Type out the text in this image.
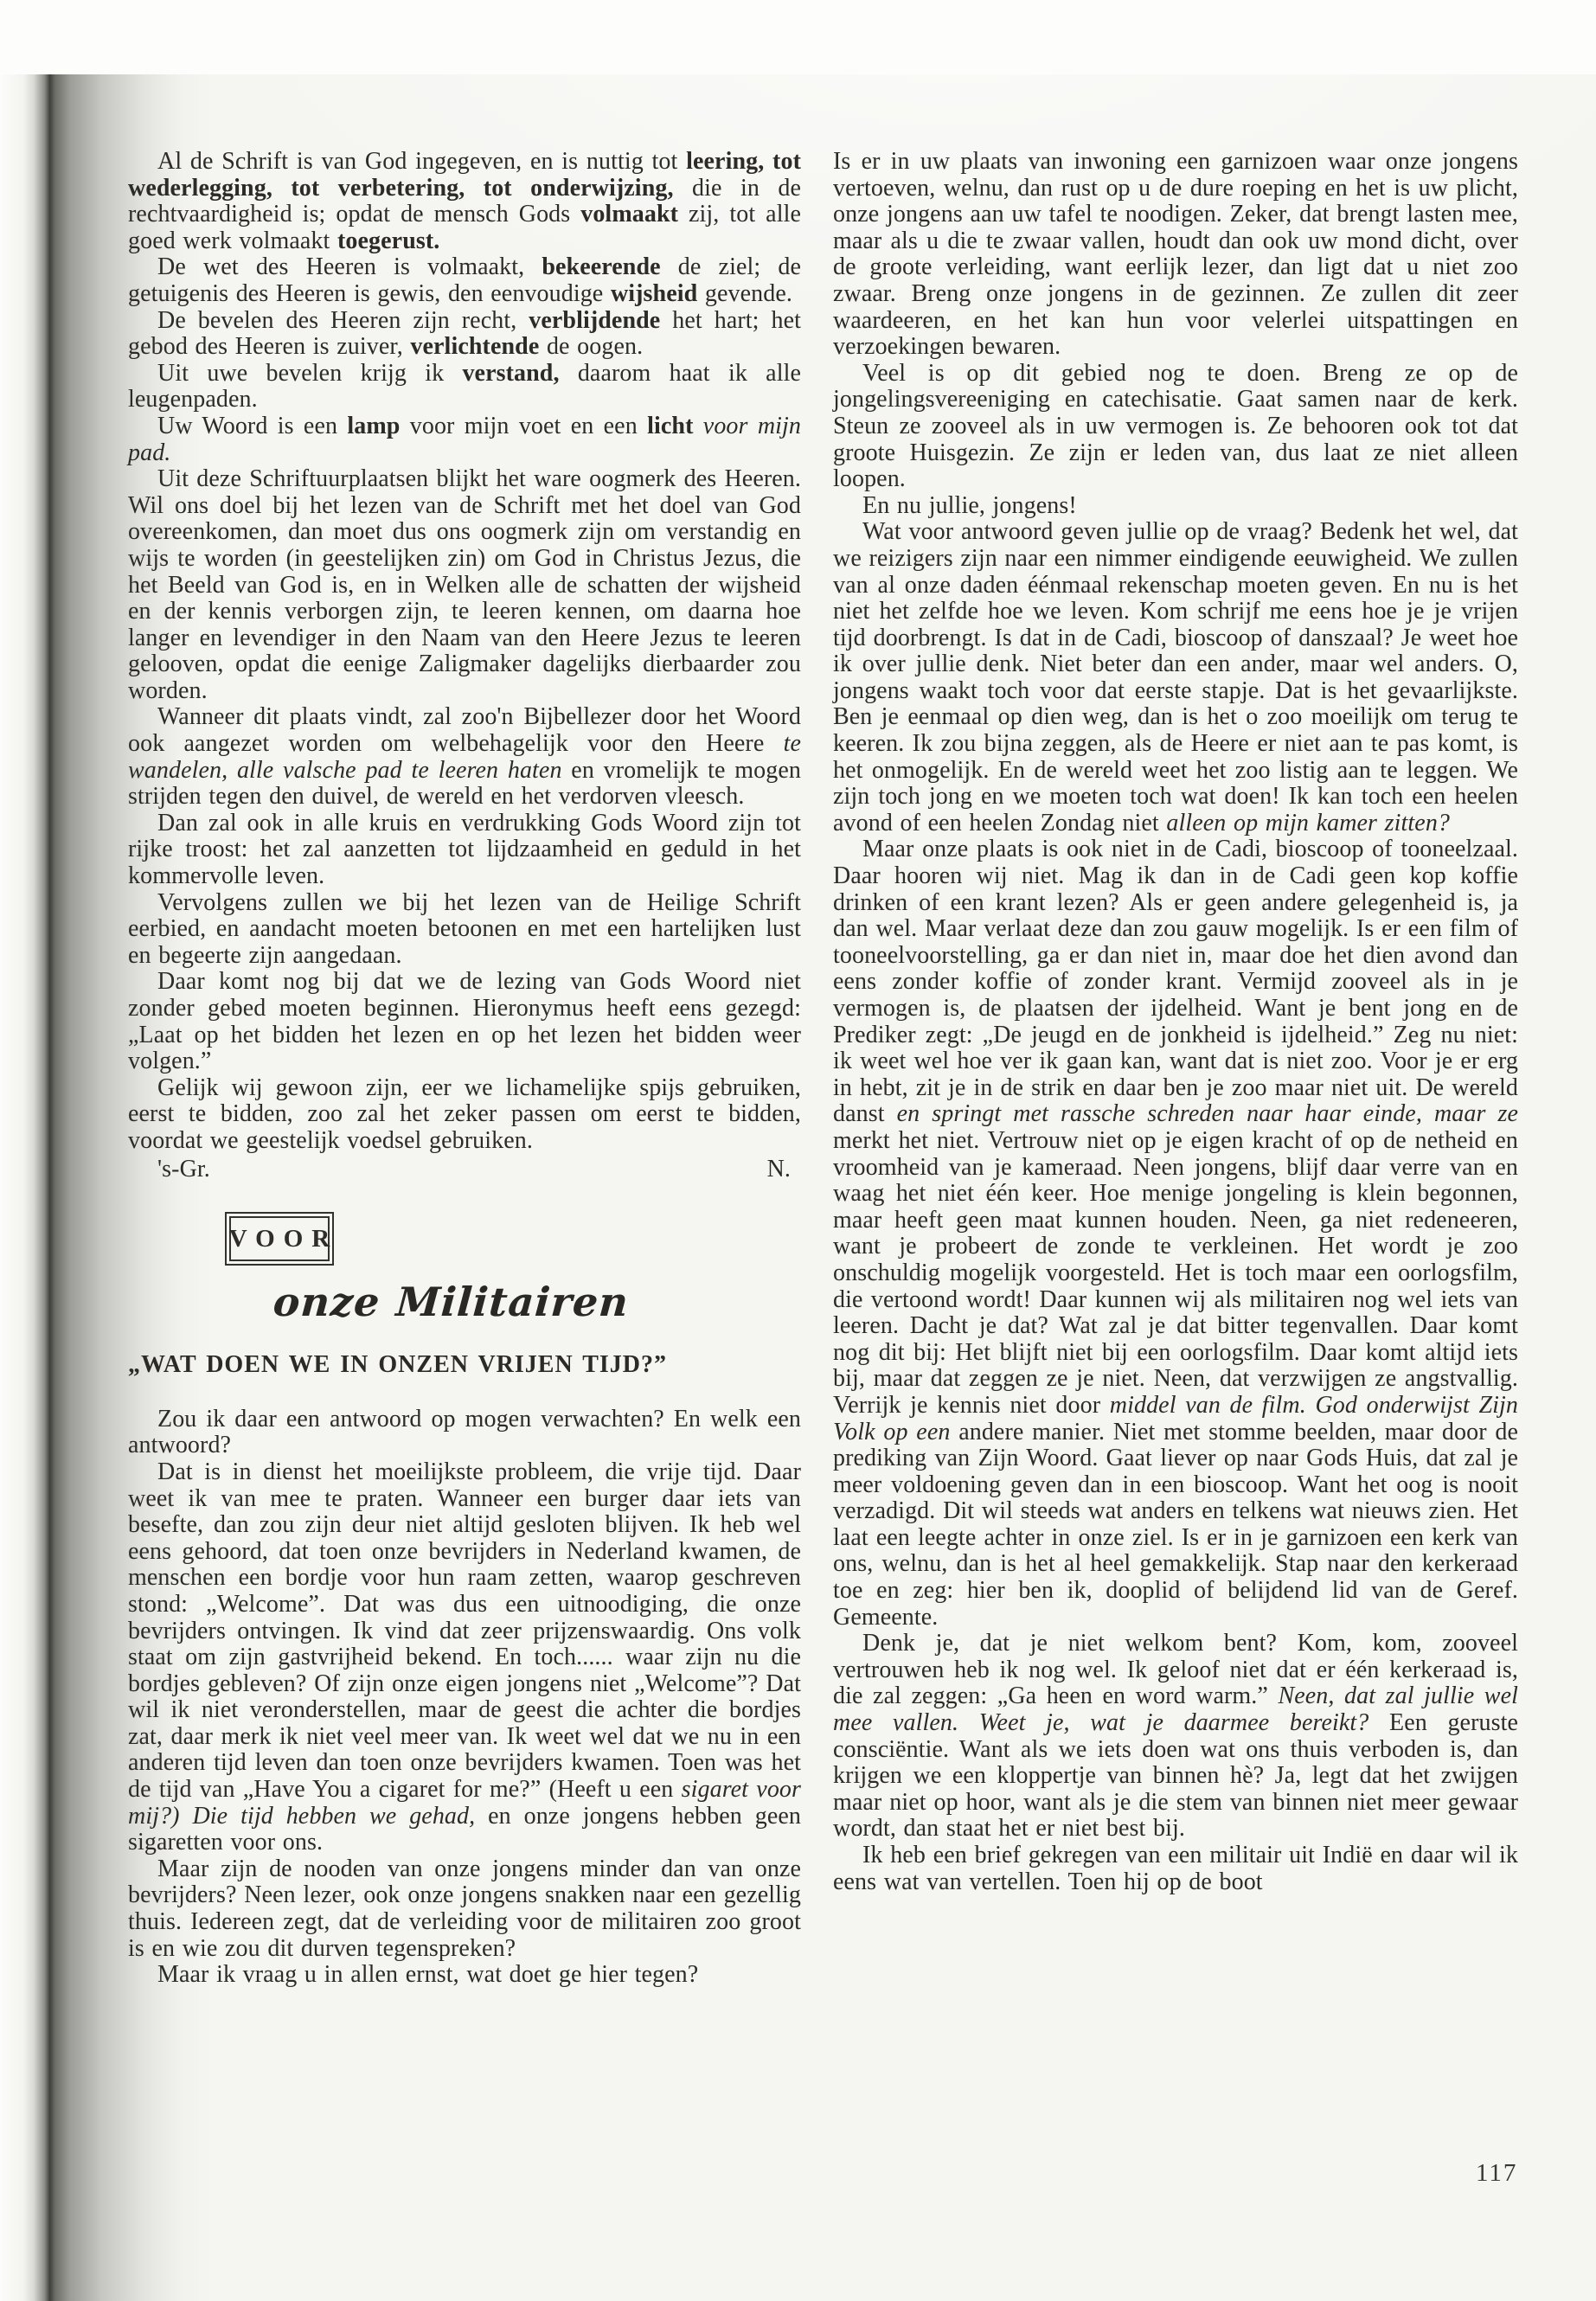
Al de Schrift is van God ingegeven, en is nuttig tot leering, tot wederlegging, tot verbetering, tot onderwijzing, die in de rechtvaardigheid is; opdat de mensch Gods volmaakt zij, tot alle goed werk volmaakt toegerust.

De wet des Heeren is volmaakt, bekeerende de ziel; de getuigenis des Heeren is gewis, den eenvoudige wijsheid gevende.

De bevelen des Heeren zijn recht, verblijdende het hart; het gebod des Heeren is zuiver, verlichtende de oogen.

Uit uwe bevelen krijg ik verstand, daarom haat ik alle leugenpaden.

Uw Woord is een lamp voor mijn voet en een licht voor mijn pad.

Uit deze Schriftuurplaatsen blijkt het ware oogmerk des Heeren. Wil ons doel bij het lezen van de Schrift met het doel van God overeenkomen, dan moet dus ons oogmerk zijn om verstandig en wijs te worden (in geestelijken zin) om God in Christus Jezus, die het Beeld van God is, en in Welken alle de schatten der wijsheid en der kennis verborgen zijn, te leeren kennen, om daarna hoe langer en levendiger in den Naam van den Heere Jezus te leeren gelooven, opdat die eenige Zaligmaker dagelijks dierbaarder zou worden.

Wanneer dit plaats vindt, zal zoo'n Bijbellezer door het Woord ook aangezet worden om welbehagelijk voor den Heere te wandelen, alle valsche pad te leeren haten en vromelijk te mogen strijden tegen den duivel, de wereld en het verdorven vleesch.

Dan zal ook in alle kruis en verdrukking Gods Woord zijn tot rijke troost: het zal aanzetten tot lijdzaamheid en geduld in het kommervolle leven.

Vervolgens zullen we bij het lezen van de Heilige Schrift eerbied, en aandacht moeten betoonen en met een hartelijken lust en begeerte zijn aangedaan.

Daar komt nog bij dat we de lezing van Gods Woord niet zonder gebed moeten beginnen. Hieronymus heeft eens gezegd: „Laat op het bidden het lezen en op het lezen het bidden weer volgen.”

Gelijk wij gewoon zijn, eer we lichamelijke spijs gebruiken, eerst te bidden, zoo zal het zeker passen om eerst te bidden, voordat we geestelijk voedsel gebruiken.

's-Gr.	N.
VOOR
onze Militairen
„WAT DOEN WE IN ONZEN VRIJEN TIJD?”

Zou ik daar een antwoord op mogen verwachten? En welk een antwoord?

Dat is in dienst het moeilijkste probleem, die vrije tijd. Daar weet ik van mee te praten. Wanneer een burger daar iets van besefte, dan zou zijn deur niet altijd gesloten blijven. Ik heb wel eens gehoord, dat toen onze bevrijders in Nederland kwamen, de menschen een bordje voor hun raam zetten, waarop geschreven stond: „Welcome”. Dat was dus een uitnoodiging, die onze bevrijders ontvingen. Ik vind dat zeer prijzenswaardig. Ons volk staat om zijn gastvrijheid bekend. En toch...... waar zijn nu die bordjes gebleven? Of zijn onze eigen jongens niet „Welcome”? Dat wil ik niet veronderstellen, maar de geest die achter die bordjes zat, daar merk ik niet veel meer van. Ik weet wel dat we nu in een anderen tijd leven dan toen onze bevrijders kwamen. Toen was het de tijd van „Have You a cigaret for me?” (Heeft u een sigaret voor mij?) Die tijd hebben we gehad, en onze jongens hebben geen sigaretten voor ons.

Maar zijn de nooden van onze jongens minder dan van onze bevrijders? Neen lezer, ook onze jongens snakken naar een gezellig thuis. Iedereen zegt, dat de verleiding voor de militairen zoo groot is en wie zou dit durven tegenspreken?

Maar ik vraag u in allen ernst, wat doet ge hier tegen?

Is er in uw plaats van inwoning een garnizoen waar onze jongens vertoeven, welnu, dan rust op u de dure roeping en het is uw plicht, onze jongens aan uw tafel te noodigen. Zeker, dat brengt lasten mee, maar als u die te zwaar vallen, houdt dan ook uw mond dicht, over de groote verleiding, want eerlijk lezer, dan ligt dat u niet zoo zwaar. Breng onze jongens in de gezinnen. Ze zullen dit zeer waardeeren, en het kan hun voor velerlei uitspattingen en verzoekingen bewaren.

Veel is op dit gebied nog te doen. Breng ze op de jongelingsvereeniging en catechisatie. Gaat samen naar de kerk. Steun ze zooveel als in uw vermogen is. Ze behooren ook tot dat groote Huisgezin. Ze zijn er leden van, dus laat ze niet alleen loopen.

En nu jullie, jongens!

Wat voor antwoord geven jullie op de vraag? Bedenk het wel, dat we reizigers zijn naar een nimmer eindigende eeuwigheid. We zullen van al onze daden éénmaal rekenschap moeten geven. En nu is het niet het zelfde hoe we leven. Kom schrijf me eens hoe je je vrijen tijd doorbrengt. Is dat in de Cadi, bioscoop of danszaal? Je weet hoe ik over jullie denk. Niet beter dan een ander, maar wel anders. O, jongens waakt toch voor dat eerste stapje. Dat is het gevaarlijkste. Ben je eenmaal op dien weg, dan is het o zoo moeilijk om terug te keeren. Ik zou bijna zeggen, als de Heere er niet aan te pas komt, is het onmogelijk. En de wereld weet het zoo listig aan te leggen. We zijn toch jong en we moeten toch wat doen! Ik kan toch een heelen avond of een heelen Zondag niet alleen op mijn kamer zitten?

Maar onze plaats is ook niet in de Cadi, bioscoop of tooneelzaal. Daar hooren wij niet. Mag ik dan in de Cadi geen kop koffie drinken of een krant lezen? Als er geen andere gelegenheid is, ja dan wel. Maar verlaat deze dan zou gauw mogelijk. Is er een film of tooneelvoorstelling, ga er dan niet in, maar doe het dien avond dan eens zonder koffie of zonder krant. Vermijd zooveel als in je vermogen is, de plaatsen der ijdelheid. Want je bent jong en de Prediker zegt: „De jeugd en de jonkheid is ijdelheid.” Zeg nu niet: ik weet wel hoe ver ik gaan kan, want dat is niet zoo. Voor je er erg in hebt, zit je in de strik en daar ben je zoo maar niet uit. De wereld danst en springt met rassche schreden naar haar einde, maar ze merkt het niet. Vertrouw niet op je eigen kracht of op de netheid en vroomheid van je kameraad. Neen jongens, blijf daar verre van en waag het niet één keer. Hoe menige jongeling is klein begonnen, maar heeft geen maat kunnen houden. Neen, ga niet redeneeren, want je probeert de zonde te verkleinen. Het wordt je zoo onschuldig mogelijk voorgesteld. Het is toch maar een oorlogsfilm, die vertoond wordt! Daar kunnen wij als militairen nog wel iets van leeren. Dacht je dat? Wat zal je dat bitter tegenvallen. Daar komt nog dit bij: Het blijft niet bij een oorlogsfilm. Daar komt altijd iets bij, maar dat zeggen ze je niet. Neen, dat verzwijgen ze angstvallig. Verrijk je kennis niet door middel van de film. God onderwijst Zijn Volk op een andere manier. Niet met stomme beelden, maar door de prediking van Zijn Woord. Gaat liever op naar Gods Huis, dat zal je meer voldoening geven dan in een bioscoop. Want het oog is nooit verzadigd. Dit wil steeds wat anders en telkens wat nieuws zien. Het laat een leegte achter in onze ziel. Is er in je garnizoen een kerk van ons, welnu, dan is het al heel gemakkelijk. Stap naar den kerkeraad toe en zeg: hier ben ik, dooplid of belijdend lid van de Geref. Gemeente.

Denk je, dat je niet welkom bent? Kom, kom, zooveel vertrouwen heb ik nog wel. Ik geloof niet dat er één kerkeraad is, die zal zeggen: „Ga heen en word warm.” Neen, dat zal jullie wel mee vallen. Weet je, wat je daarmee bereikt? Een geruste consciëntie. Want als we iets doen wat ons thuis verboden is, dan krijgen we een kloppertje van binnen hè? Ja, legt dat het zwijgen maar niet op hoor, want als je die stem van binnen niet meer gewaar wordt, dan staat het er niet best bij.

Ik heb een brief gekregen van een militair uit Indië en daar wil ik eens wat van vertellen. Toen hij op de boot

117
